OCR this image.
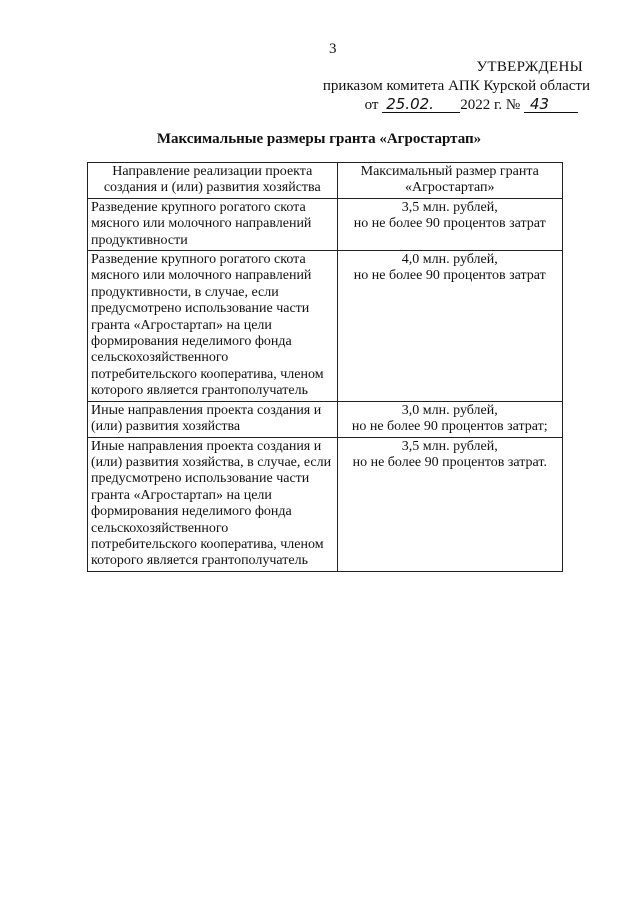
3
УТВЕРЖДЕНЫ
приказом комитета АПК Курской области
от 25.02. 2022 г. № 43
Максимальные размеры гранта «Агростартап»
Направление реализации проекта создания и (или) развития хозяйства	Максимальный размер гранта «Агростартап»
Разведение крупного рогатого скота мясного или молочного направлений продуктивности	3,5 млн. рублей,
но не более 90 процентов затрат

Разведение крупного рогатого скота мясного или молочного направлений продуктивности, в случае, если предусмотрено использование части гранта «Агростартап» на цели формирования неделимого фонда сельскохозяйственного потребительского кооператива, членом которого является грантополучатель	4,0 млн. рублей,
но не более 90 процентов затрат

Иные направления проекта создания и (или) развития хозяйства	3,0 млн. рублей,
но не более 90 процентов затрат;

Иные направления проекта создания и (или) развития хозяйства, в случае, если предусмотрено использование части гранта «Агростартап» на цели формирования неделимого фонда сельскохозяйственного потребительского кооператива, членом которого является грантополучатель	3,5 млн. рублей,
но не более 90 процентов затрат.
